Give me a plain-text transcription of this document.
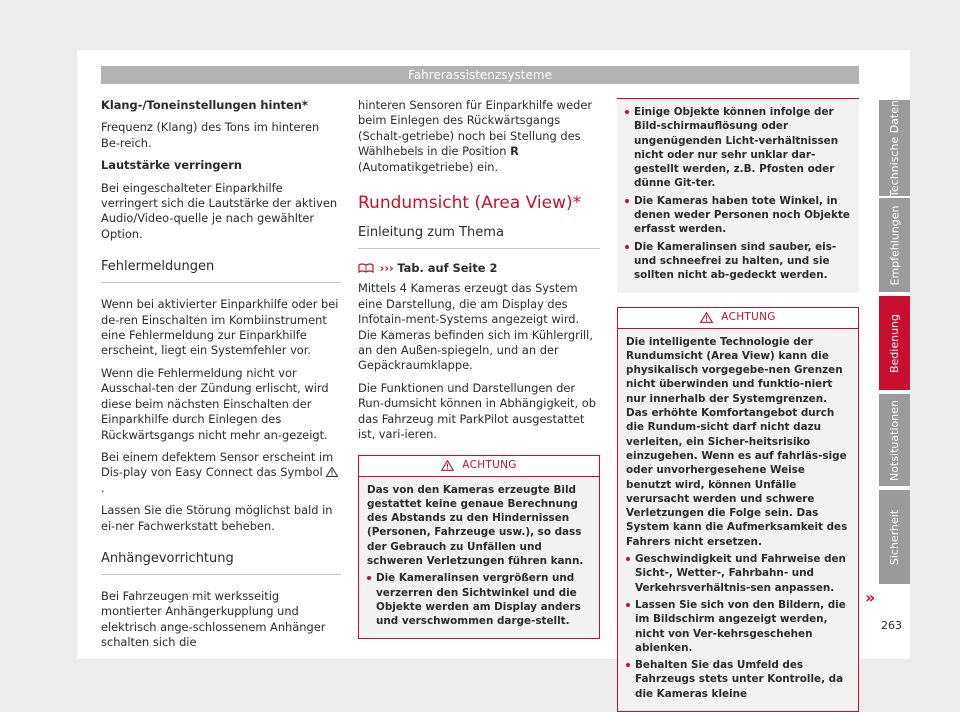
Fahrerassistenzsysteme

Klang-/Toneinstellungen hinten*

Frequenz (Klang) des Tons im hinteren Be-reich.

Lautstärke verringern

Bei eingeschalteter Einparkhilfe verringert sich die Lautstärke der aktiven Audio/Video-quelle je nach gewählter Option.

Fehlermeldungen

Wenn bei aktivierter Einparkhilfe oder bei de-ren Einschalten im Kombiinstrument eine Fehlermeldung zur Einparkhilfe erscheint, liegt ein Systemfehler vor.

Wenn die Fehlermeldung nicht vor Ausschal-ten der Zündung erlischt, wird diese beim nächsten Einschalten der Einparkhilfe durch Einlegen des Rückwärtsgangs nicht mehr an-gezeigt.

Bei einem defektem Sensor erscheint im Dis-play von Easy Connect das Symbol .

Lassen Sie die Störung möglichst bald in ei-ner Fachwerkstatt beheben.

Anhängevorrichtung

Bei Fahrzeugen mit werksseitig montierter Anhängerkupplung und elektrisch ange-schlossenem Anhänger schalten sich die

hinteren Sensoren für Einparkhilfe weder beim Einlegen des Rückwärtsgangs (Schalt-getriebe) noch bei Stellung des Wählhebels in die Position R (Automatikgetriebe) ein.

Rundumsicht (Area View)*
Einleitung zum Thema
››› Tab. auf Seite 2

Mittels 4 Kameras erzeugt das System eine Darstellung, die am Display des Infotain-ment-Systems angezeigt wird. Die Kameras befinden sich im Kühlergrill, an den Außen-spiegeln, und an der Gepäckraumklappe.

Die Funktionen und Darstellungen der Run-dumsicht können in Abhängigkeit, ob das Fahrzeug mit ParkPilot ausgestattet ist, vari-ieren.

ACHTUNG

Das von den Kameras erzeugte Bild gestattet keine genaue Berechnung des Abstands zu den Hindernissen (Personen, Fahrzeuge usw.), so dass der Gebrauch zu Unfällen und schweren Verletzungen führen kann.

Die Kameralinsen vergrößern und verzerren den Sichtwinkel und die Objekte werden am Display anders und verschwommen darge-stellt.
Einige Objekte können infolge der Bild-schirmauflösung oder ungenügenden Licht-verhältnissen nicht oder nur sehr unklar dar-gestellt werden, z.B. Pfosten oder dünne Git-ter.
Die Kameras haben tote Winkel, in denen weder Personen noch Objekte erfasst werden.
Die Kameralinsen sind sauber, eis- und schneefrei zu halten, und sie sollten nicht ab-gedeckt werden.
ACHTUNG

Die intelligente Technologie der Rundumsicht (Area View) kann die physikalisch vorgegebe-nen Grenzen nicht überwinden und funktio-niert nur innerhalb der Systemgrenzen. Das erhöhte Komfortangebot durch die Rundum-sicht darf nicht dazu verleiten, ein Sicher-heitsrisiko einzugehen. Wenn es auf fahrläs-sige oder unvorhergesehene Weise benutzt wird, können Unfälle verursacht werden und schwere Verletzungen die Folge sein. Das System kann die Aufmerksamkeit des Fahrers nicht ersetzen.

Geschwindigkeit und Fahrweise den Sicht-, Wetter-, Fahrbahn- und Verkehrsverhältnis-sen anpassen.
Lassen Sie sich von den Bildern, die im Bildschirm angezeigt werden, nicht von Ver-kehrsgeschehen ablenken.
Behalten Sie das Umfeld des Fahrzeugs stets unter Kontrolle, da die Kameras kleine
»
Technische Daten
Empfehlungen
Bedienung
Notsituationen
Sicherheit
263
